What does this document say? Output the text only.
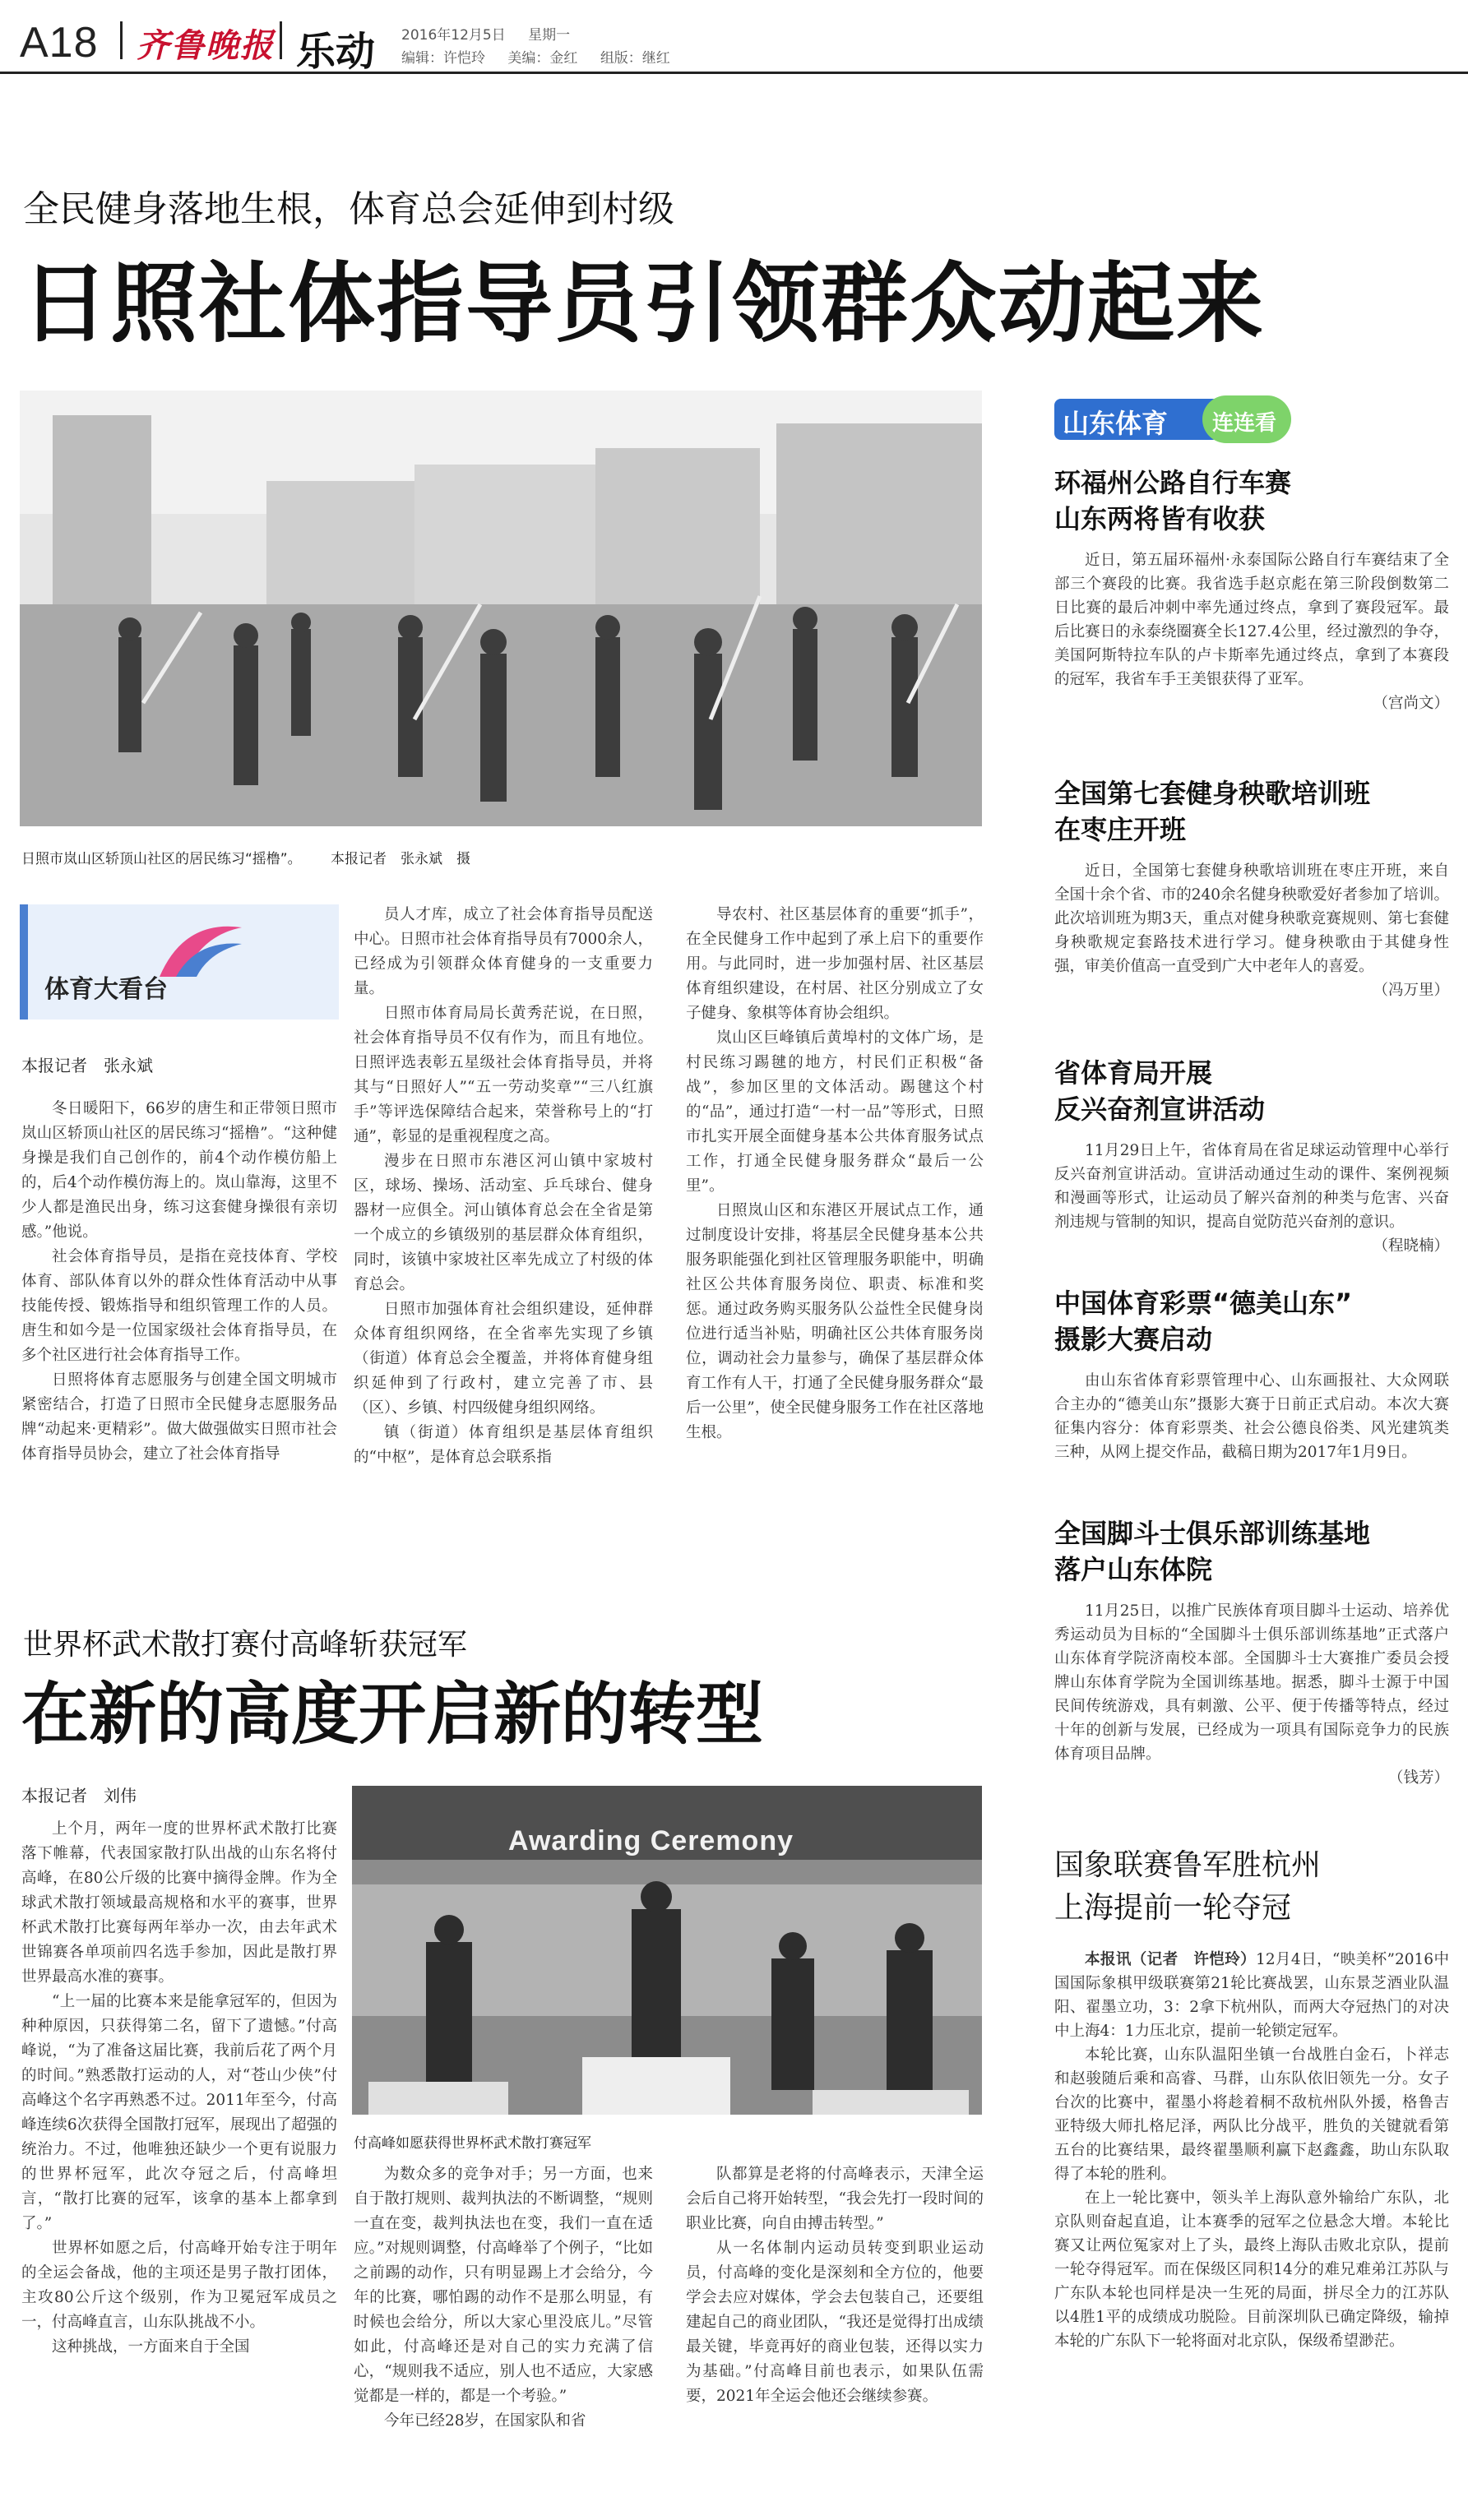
A18 齐鲁晚报 乐动 2016年12月5日 星期一
编辑：许恺玲 美编：金红 组版：继红
全民健身落地生根，体育总会延伸到村级
日照社体指导员引领群众动起来
日照市岚山区轿顶山社区的居民练习“摇橹”。 本报记者　张永斌　摄
体育大看台
本报记者　张永斌

冬日暖阳下，66岁的唐生和正带领日照市岚山区轿顶山社区的居民练习“摇橹”。“这种健身操是我们自己创作的，前4个动作模仿船上的，后4个动作模仿海上的。岚山靠海，这里不少人都是渔民出身，练习这套健身操很有亲切感。”他说。

社会体育指导员，是指在竞技体育、学校体育、部队体育以外的群众性体育活动中从事技能传授、锻炼指导和组织管理工作的人员。唐生和如今是一位国家级社会体育指导员，在多个社区进行社会体育指导工作。

日照将体育志愿服务与创建全国文明城市紧密结合，打造了日照市全民健身志愿服务品牌“动起来·更精彩”。做大做强做实日照市社会体育指导员协会，建立了社会体育指导

员人才库，成立了社会体育指导员配送中心。日照市社会体育指导员有7000余人，已经成为引领群众体育健身的一支重要力量。

日照市体育局局长黄秀茫说，在日照，社会体育指导员不仅有作为，而且有地位。日照评选表彰五星级社会体育指导员，并将其与“日照好人”“五一劳动奖章”“三八红旗手”等评选保障结合起来，荣誉称号上的“打通”，彰显的是重视程度之高。

漫步在日照市东港区河山镇中家坡村区，球场、操场、活动室、乒乓球台、健身器材一应俱全。河山镇体育总会在全省是第一个成立的乡镇级别的基层群众体育组织，同时，该镇中家坡社区率先成立了村级的体育总会。

日照市加强体育社会组织建设，延伸群众体育组织网络，在全省率先实现了乡镇（街道）体育总会全覆盖，并将体育健身组织延伸到了行政村，建立完善了市、县（区）、乡镇、村四级健身组织网络。

镇（街道）体育组织是基层体育组织的“中枢”，是体育总会联系指

导农村、社区基层体育的重要“抓手”，在全民健身工作中起到了承上启下的重要作用。与此同时，进一步加强村居、社区基层体育组织建设，在村居、社区分别成立了女子健身、象棋等体育协会组织。

岚山区巨峰镇后黄埠村的文体广场，是村民练习踢毽的地方，村民们正积极“备战”，参加区里的文体活动。踢毽这个村的“品”，通过打造“一村一品”等形式，日照市扎实开展全面健身基本公共体育服务试点工作，打通全民健身服务群众“最后一公里”。

日照岚山区和东港区开展试点工作，通过制度设计安排，将基层全民健身基本公共服务职能强化到社区管理服务职能中，明确社区公共体育服务岗位、职责、标准和奖惩。通过政务购买服务队公益性全民健身岗位进行适当补贴，明确社区公共体育服务岗位，调动社会力量参与，确保了基层群众体育工作有人干，打通了全民健身服务群众“最后一公里”，使全民健身服务工作在社区落地生根。

世界杯武术散打赛付高峰斩获冠军
在新的高度开启新的转型
本报记者　刘伟
Awarding Ceremony
付高峰如愿获得世界杯武术散打赛冠军

上个月，两年一度的世界杯武术散打比赛落下帷幕，代表国家散打队出战的山东名将付高峰，在80公斤级的比赛中摘得金牌。作为全球武术散打领域最高规格和水平的赛事，世界杯武术散打比赛每两年举办一次，由去年武术世锦赛各单项前四名选手参加，因此是散打界世界最高水准的赛事。

“上一届的比赛本来是能拿冠军的，但因为种种原因，只获得第二名，留下了遗憾。”付高峰说，“为了准备这届比赛，我前后花了两个月的时间。”熟悉散打运动的人，对“苍山少侠”付高峰这个名字再熟悉不过。2011年至今，付高峰连续6次获得全国散打冠军，展现出了超强的统治力。不过，他唯独还缺少一个更有说服力的世界杯冠军，此次夺冠之后，付高峰坦言，“散打比赛的冠军，该拿的基本上都拿到了。”

世界杯如愿之后，付高峰开始专注于明年的全运会备战，他的主项还是男子散打团体，主攻80公斤这个级别，作为卫冕冠军成员之一，付高峰直言，山东队挑战不小。

这种挑战，一方面来自于全国

为数众多的竞争对手；另一方面，也来自于散打规则、裁判执法的不断调整，“规则一直在变，裁判执法也在变，我们一直在适应。”对规则调整，付高峰举了个例子，“比如之前踢的动作，只有明显踢上才会给分，今年的比赛，哪怕踢的动作不是那么明显，有时候也会给分，所以大家心里没底儿。”尽管如此，付高峰还是对自己的实力充满了信心，“规则我不适应，别人也不适应，大家感觉都是一样的，都是一个考验。”

今年已经28岁，在国家队和省

队都算是老将的付高峰表示，天津全运会后自己将开始转型，“我会先打一段时间的职业比赛，向自由搏击转型。”

从一名体制内运动员转变到职业运动员，付高峰的变化是深刻和全方位的，他要学会去应对媒体，学会去包装自己，还要组建起自己的商业团队，“我还是觉得打出成绩最关键，毕竟再好的商业包装，还得以实力为基础。”付高峰目前也表示，如果队伍需要，2021年全运会他还会继续参赛。

山东体育 连连看
环福州公路自行车赛
山东两将皆有收获

近日，第五届环福州·永泰国际公路自行车赛结束了全部三个赛段的比赛。我省选手赵京彪在第三阶段倒数第二日比赛的最后冲刺中率先通过终点，拿到了赛段冠军。最后比赛日的永泰绕圈赛全长127.4公里，经过激烈的争夺，美国阿斯特拉车队的卢卡斯率先通过终点，拿到了本赛段的冠军，我省车手王美银获得了亚军。

（宫尚文）
全国第七套健身秧歌培训班
在枣庄开班

近日，全国第七套健身秧歌培训班在枣庄开班，来自全国十余个省、市的240余名健身秧歌爱好者参加了培训。此次培训班为期3天，重点对健身秧歌竞赛规则、第七套健身秧歌规定套路技术进行学习。健身秧歌由于其健身性强，审美价值高一直受到广大中老年人的喜爱。

（冯万里）
省体育局开展
反兴奋剂宣讲活动

11月29日上午，省体育局在省足球运动管理中心举行反兴奋剂宣讲活动。宣讲活动通过生动的课件、案例视频和漫画等形式，让运动员了解兴奋剂的种类与危害、兴奋剂违规与管制的知识，提高自觉防范兴奋剂的意识。

（程晓楠）
中国体育彩票“德美山东”
摄影大赛启动

由山东省体育彩票管理中心、山东画报社、大众网联合主办的“德美山东”摄影大赛于日前正式启动。本次大赛征集内容分：体育彩票类、社会公德良俗类、风光建筑类三种，从网上提交作品，截稿日期为2017年1月9日。

全国脚斗士俱乐部训练基地
落户山东体院

11月25日，以推广民族体育项目脚斗士运动、培养优秀运动员为目标的“全国脚斗士俱乐部训练基地”正式落户山东体育学院济南校本部。全国脚斗士大赛推广委员会授牌山东体育学院为全国训练基地。据悉，脚斗士源于中国民间传统游戏，具有刺激、公平、便于传播等特点，经过十年的创新与发展，已经成为一项具有国际竞争力的民族体育项目品牌。

（钱芳）
国象联赛鲁军胜杭州
上海提前一轮夺冠

本报讯（记者　许恺玲）12月4日，“映美杯”2016中国国际象棋甲级联赛第21轮比赛战罢，山东景芝酒业队温阳、翟墨立功，3：2拿下杭州队，而两大夺冠热门的对决中上海4：1力压北京，提前一轮锁定冠军。

本轮比赛，山东队温阳坐镇一台战胜白金石，卜祥志和赵骏随后乘和高睿、马群，山东队依旧领先一分。女子台次的比赛中，翟墨小将趁着桐不敌杭州队外援，格鲁吉亚特级大师扎格尼泽，两队比分战平，胜负的关键就看第五台的比赛结果，最终翟墨顺利赢下赵鑫鑫，助山东队取得了本轮的胜利。

在上一轮比赛中，领头羊上海队意外输给广东队，北京队则奋起直追，让本赛季的冠军之位悬念大增。本轮比赛又让两位冤家对上了头，最终上海队击败北京队，提前一轮夺得冠军。而在保级区同积14分的难兄难弟江苏队与广东队本轮也同样是决一生死的局面，拼尽全力的江苏队以4胜1平的成绩成功脱险。目前深圳队已确定降级，输掉本轮的广东队下一轮将面对北京队，保级希望渺茫。
